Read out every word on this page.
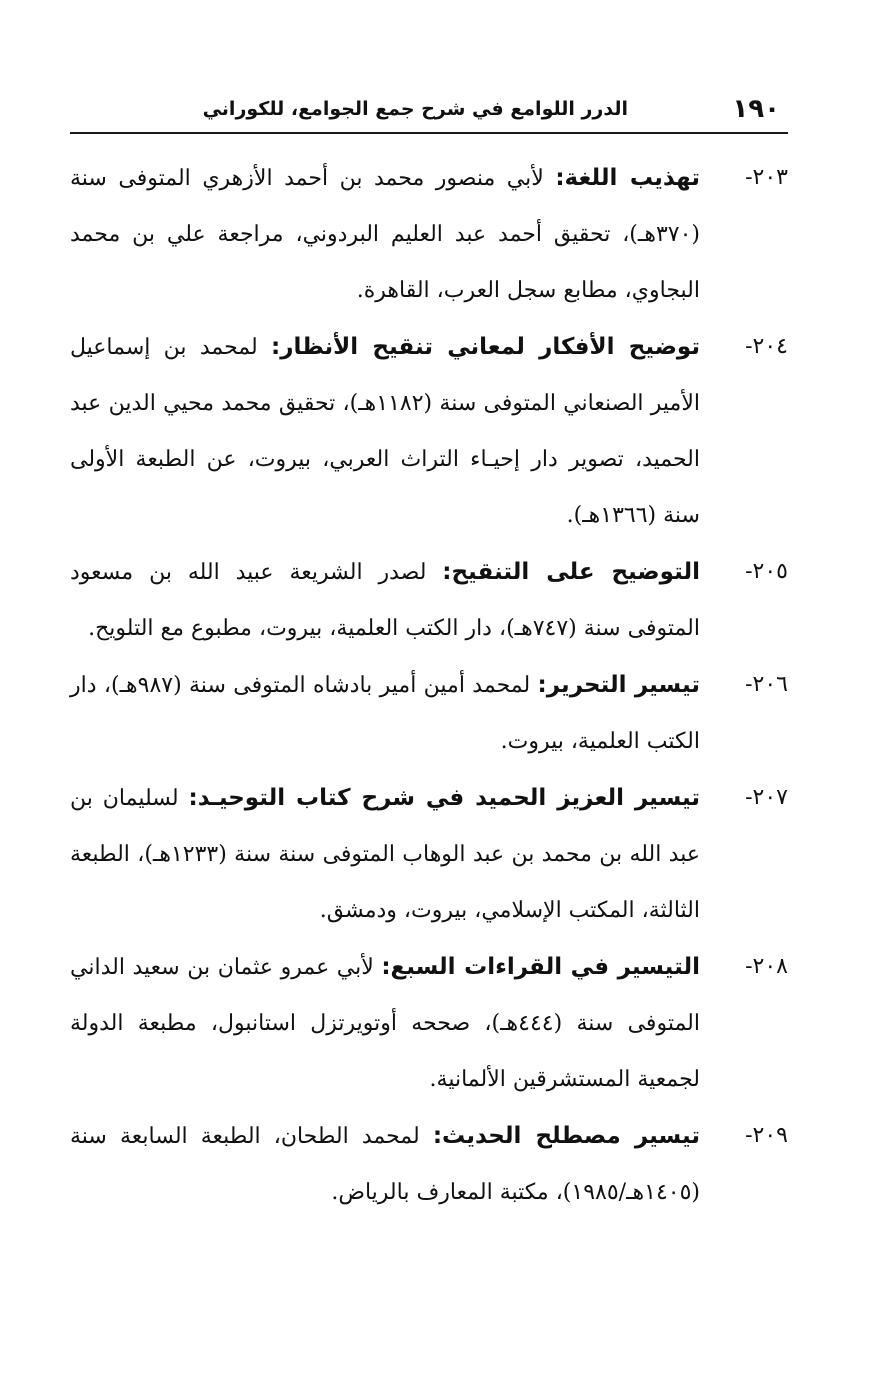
١٩٠
الدرر اللوامع في شرح جمع الجوامع، للكوراني
٢٠٣-
تهذيب اللغة: لأبي منصور محمد بن أحمد الأزهري المتوفى سنة (٣٧٠هـ)، تحقيق أحمد عبد العليم البردوني، مراجعة علي بن محمد البجاوي، مطابع سجل العرب، القاهرة.
٢٠٤-
توضيح الأفكار لمعاني تنقيح الأنظار: لمحمد بن إسماعيل الأمير الصنعاني المتوفى سنة (١١٨٢هـ)، تحقيق محمد محيي الدين عبد الحميد، تصوير دار إحيـاء التراث العربي، بيروت، عن الطبعة الأولى سنة (١٣٦٦هـ).
٢٠٥-
التوضيح على التنقيح: لصدر الشريعة عبيد الله بن مسعود المتوفى سنة (٧٤٧هـ)، دار الكتب العلمية، بيروت، مطبوع مع التلويح.
٢٠٦-
تيسير التحرير: لمحمد أمين أمير بادشاه المتوفى سنة (٩٨٧هـ)، دار الكتب العلمية، بيروت.
٢٠٧-
تيسير العزيز الحميد في شرح كتاب التوحيـد: لسليمان بن عبد الله بن محمد بن عبد الوهاب المتوفى سنة سنة (١٢٣٣هـ)، الطبعة الثالثة، المكتب الإسلامي، بيروت، ودمشق.
٢٠٨-
التيسير في القراءات السبع: لأبي عمرو عثمان بن سعيد الداني المتوفى سنة (٤٤٤هـ)، صححه أوتويرتزل استانبول، مطبعة الدولة لجمعية المستشرقين الألمانية.
٢٠٩-
تيسير مصطلح الحديث: لمحمد الطحان، الطبعة السابعة سنة (١٤٠٥هـ/١٩٨٥)، مكتبة المعارف بالرياض.
